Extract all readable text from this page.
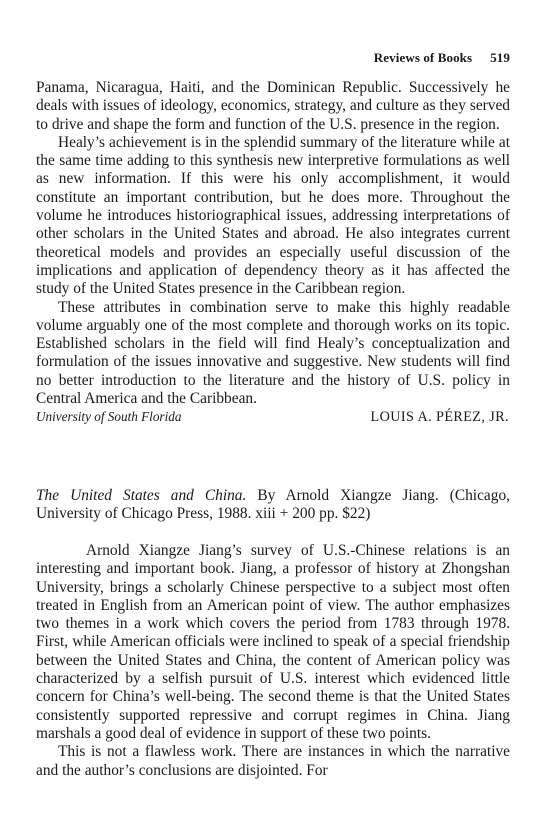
Reviews of Books 519

Panama, Nicaragua, Haiti, and the Dominican Republic. Successively he deals with issues of ideology, economics, strategy, and culture as they served to drive and shape the form and function of the U.S. presence in the region.

Healy’s achievement is in the splendid summary of the literature while at the same time adding to this synthesis new interpretive formulations as well as new information. If this were his only accomplishment, it would constitute an important contribution, but he does more. Throughout the volume he introduces historiographical issues, addressing interpretations of other scholars in the United States and abroad. He also integrates current theoretical models and provides an especially useful discussion of the implications and application of dependency theory as it has affected the study of the United States presence in the Caribbean region.

These attributes in combination serve to make this highly readable volume arguably one of the most complete and thorough works on its topic. Established scholars in the field will find Healy’s conceptualization and formulation of the issues innovative and suggestive. New students will find no better introduction to the literature and the history of U.S. policy in Central America and the Caribbean.

University of South Florida	LOUIS A. PÉREZ, JR.
The United States and China. By Arnold Xiangze Jiang. (Chicago, University of Chicago Press, 1988. xiii + 200 pp. $22)

Arnold Xiangze Jiang’s survey of U.S.-Chinese relations is an interesting and important book. Jiang, a professor of history at Zhongshan University, brings a scholarly Chinese perspective to a subject most often treated in English from an American point of view. The author emphasizes two themes in a work which covers the period from 1783 through 1978. First, while American officials were inclined to speak of a special friendship between the United States and China, the content of American policy was characterized by a selfish pursuit of U.S. interest which evidenced little concern for China’s well-being. The second theme is that the United States consistently supported repressive and corrupt regimes in China. Jiang marshals a good deal of evidence in support of these two points.

This is not a flawless work. There are instances in which the narrative and the author’s conclusions are disjointed. For
